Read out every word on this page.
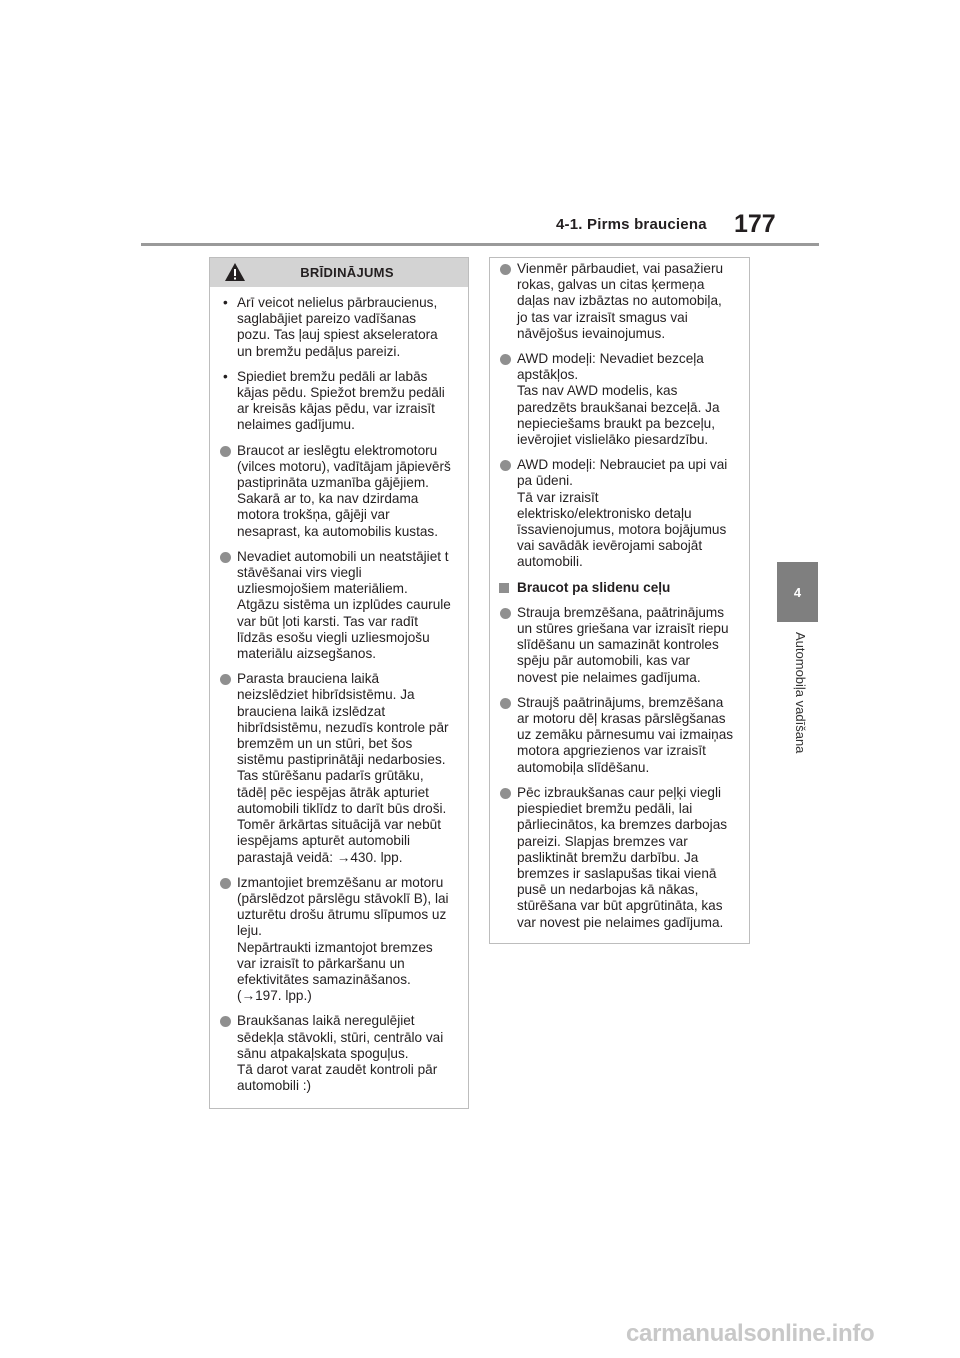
4-1. Pirms brauciena 177
4
Automobiļa vadīšana
BRĪDINĀJUMS
• Arī veicot nelielus pārbraucienus,
saglabājiet pareizo vadīšanas
pozu. Tas ļauj spiest akseleratora
un bremžu pedāļus pareizi.
• Spiediet bremžu pedāli ar labās
kājas pēdu. Spiežot bremžu pedāli
ar kreisās kājas pēdu, var izraisīt
nelaimes gadījumu.
Braucot ar ieslēgtu elektromotoru
(vilces motoru), vadītājam jāpievērš
pastiprināta uzmanība gājējiem.
Sakarā ar to, ka nav dzirdama
motora trokšņa, gājēji var
nesaprast, ka automobilis kustas.
Nevadiet automobili un neatstājiet t
stāvēšanai virs viegli
uzliesmojošiem materiāliem.
Atgāzu sistēma un izplūdes caurule
var būt ļoti karsti. Tas var radīt
līdzās esošu viegli uzliesmojošu
materiālu aizsegšanos.
Parasta brauciena laikā
neizslēdziet hibrīdsistēmu. Ja
brauciena laikā izslēdzat
hibrīdsistēmu, nezudīs kontrole pār
bremzēm un un stūri, bet šos
sistēmu pastiprinātāji nedarbosies.
Tas stūrēšanu padarīs grūtāku,
tādēļ pēc iespējas ātrāk apturiet
automobili tiklīdz to darīt būs droši.
Tomēr ārkārtas situācijā var nebūt
iespējams apturēt automobili
parastajā veidā: →430. lpp.
Izmantojiet bremzēšanu ar motoru
(pārslēdzot pārslēgu stāvoklī B), lai
uzturētu drošu ātrumu slīpumos uz
leju.
Nepārtraukti izmantojot bremzes
var izraisīt to pārkaršanu un
efektivitātes samazināšanos.
(→197. lpp.)
Braukšanas laikā neregulējiet
sēdekļa stāvokli, stūri, centrālo vai
sānu atpakaļskata spoguļus.
Tā darot varat zaudēt kontroli pār
automobili :)
Vienmēr pārbaudiet, vai pasažieru
rokas, galvas un citas ķermeņa
daļas nav izbāztas no automobiļa,
jo tas var izraisīt smagus vai
nāvējošus ievainojumus.
AWD modeļi: Nevadiet bezceļa
apstākļos.
Tas nav AWD modelis, kas
paredzēts braukšanai bezceļā. Ja
nepieciešams braukt pa bezceļu,
ievērojiet vislielāko piesardzību.
AWD modeļi: Nebrauciet pa upi vai
pa ūdeni.
Tā var izraisīt
elektrisko/elektronisko detaļu
īssavienojumus, motora bojājumus
vai savādāk ievērojami sabojāt
automobili.
Braucot pa slidenu ceļu
Strauja bremzēšana, paātrinājums
un stūres griešana var izraisīt riepu
slīdēšanu un samazināt kontroles
spēju pār automobili, kas var
novest pie nelaimes gadījuma.
Straujš paātrinājums, bremzēšana
ar motoru dēļ krasas pārslēgšanas
uz zemāku pārnesumu vai izmaiņas
motora apgriezienos var izraisīt
automobiļa slīdēšanu.
Pēc izbraukšanas caur peļķi viegli
piespiediet bremžu pedāli, lai
pārliecinātos, ka bremzes darbojas
pareizi. Slapjas bremzes var
pasliktināt bremžu darbību. Ja
bremzes ir saslapušas tikai vienā
pusē un nedarbojas kā nākas,
stūrēšana var būt apgrūtināta, kas
var novest pie nelaimes gadījuma.
carmanualsonline.info
